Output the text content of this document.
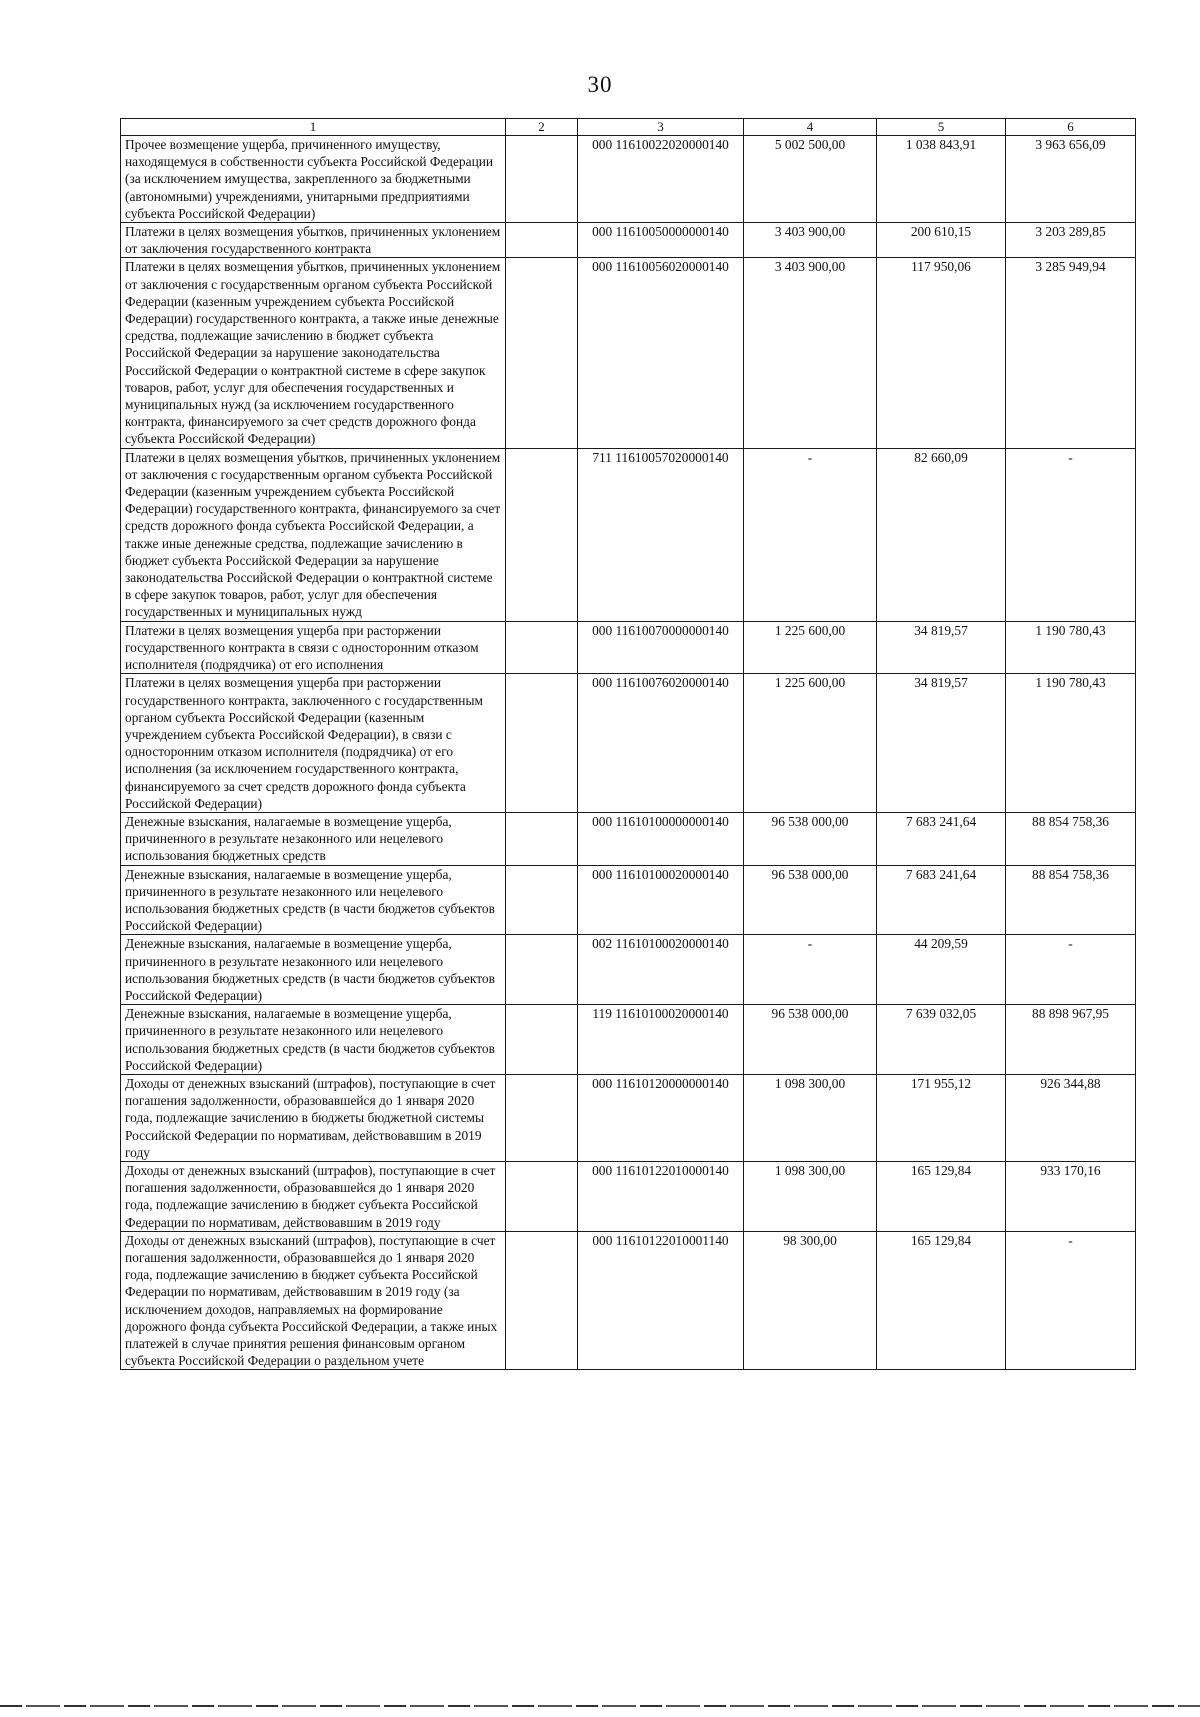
30
1	2	3	4	5	6
Прочее возмещение ущерба, причиненного имуществу, находящемуся в собственности субъекта Российской Федерации (за исключением имущества, закрепленного за бюджетными (автономными) учреждениями, унитарными предприятиями субъекта Российской Федерации)		000 11610022020000140	5 002 500,00	1 038 843,91	3 963 656,09
Платежи в целях возмещения убытков, причиненных уклонением от заключения государственного контракта		000 11610050000000140	3 403 900,00	200 610,15	3 203 289,85
Платежи в целях возмещения убытков, причиненных уклонением от заключения с государственным органом субъекта Российской Федерации (казенным учреждением субъекта Российской Федерации) государственного контракта, а также иные денежные средства, подлежащие зачислению в бюджет субъекта Российской Федерации за нарушение законодательства Российской Федерации о контрактной системе в сфере закупок товаров, работ, услуг для обеспечения государственных и муниципальных нужд (за исключением государственного контракта, финансируемого за счет средств дорожного фонда субъекта Российской Федерации)		000 11610056020000140	3 403 900,00	117 950,06	3 285 949,94
Платежи в целях возмещения убытков, причиненных уклонением от заключения с государственным органом субъекта Российской Федерации (казенным учреждением субъекта Российской Федерации) государственного контракта, финансируемого за счет средств дорожного фонда субъекта Российской Федерации, а также иные денежные средства, подлежащие зачислению в бюджет субъекта Российской Федерации за нарушение законодательства Российской Федерации о контрактной системе в сфере закупок товаров, работ, услуг для обеспечения государственных и муниципальных нужд		711 11610057020000140	-	82 660,09	-
Платежи в целях возмещения ущерба при расторжении государственного контракта в связи с односторонним отказом исполнителя (подрядчика) от его исполнения		000 11610070000000140	1 225 600,00	34 819,57	1 190 780,43
Платежи в целях возмещения ущерба при расторжении государственного контракта, заключенного с государственным органом субъекта Российской Федерации (казенным учреждением субъекта Российской Федерации), в связи с односторонним отказом исполнителя (подрядчика) от его исполнения (за исключением государственного контракта, финансируемого за счет средств дорожного фонда субъекта Российской Федерации)		000 11610076020000140	1 225 600,00	34 819,57	1 190 780,43
Денежные взыскания, налагаемые в возмещение ущерба, причиненного в результате незаконного или нецелевого использования бюджетных средств		000 11610100000000140	96 538 000,00	7 683 241,64	88 854 758,36
Денежные взыскания, налагаемые в возмещение ущерба, причиненного в результате незаконного или нецелевого использования бюджетных средств (в части бюджетов субъектов Российской Федерации)		000 11610100020000140	96 538 000,00	7 683 241,64	88 854 758,36
Денежные взыскания, налагаемые в возмещение ущерба, причиненного в результате незаконного или нецелевого использования бюджетных средств (в части бюджетов субъектов Российской Федерации)		002 11610100020000140	-	44 209,59	-
Денежные взыскания, налагаемые в возмещение ущерба, причиненного в результате незаконного или нецелевого использования бюджетных средств (в части бюджетов субъектов Российской Федерации)		119 11610100020000140	96 538 000,00	7 639 032,05	88 898 967,95
Доходы от денежных взысканий (штрафов), поступающие в счет погашения задолженности, образовавшейся до 1 января 2020 года, подлежащие зачислению в бюджеты бюджетной системы Российской Федерации по нормативам, действовавшим в 2019 году		000 11610120000000140	1 098 300,00	171 955,12	926 344,88
Доходы от денежных взысканий (штрафов), поступающие в счет погашения задолженности, образовавшейся до 1 января 2020 года, подлежащие зачислению в бюджет субъекта Российской Федерации по нормативам, действовавшим в 2019 году		000 11610122010000140	1 098 300,00	165 129,84	933 170,16
Доходы от денежных взысканий (штрафов), поступающие в счет погашения задолженности, образовавшейся до 1 января 2020 года, подлежащие зачислению в бюджет субъекта Российской Федерации по нормативам, действовавшим в 2019 году (за исключением доходов, направляемых на формирование дорожного фонда субъекта Российской Федерации, а также иных платежей в случае принятия решения финансовым органом субъекта Российской Федерации о раздельном учете		000 11610122010001140	98 300,00	165 129,84	-
